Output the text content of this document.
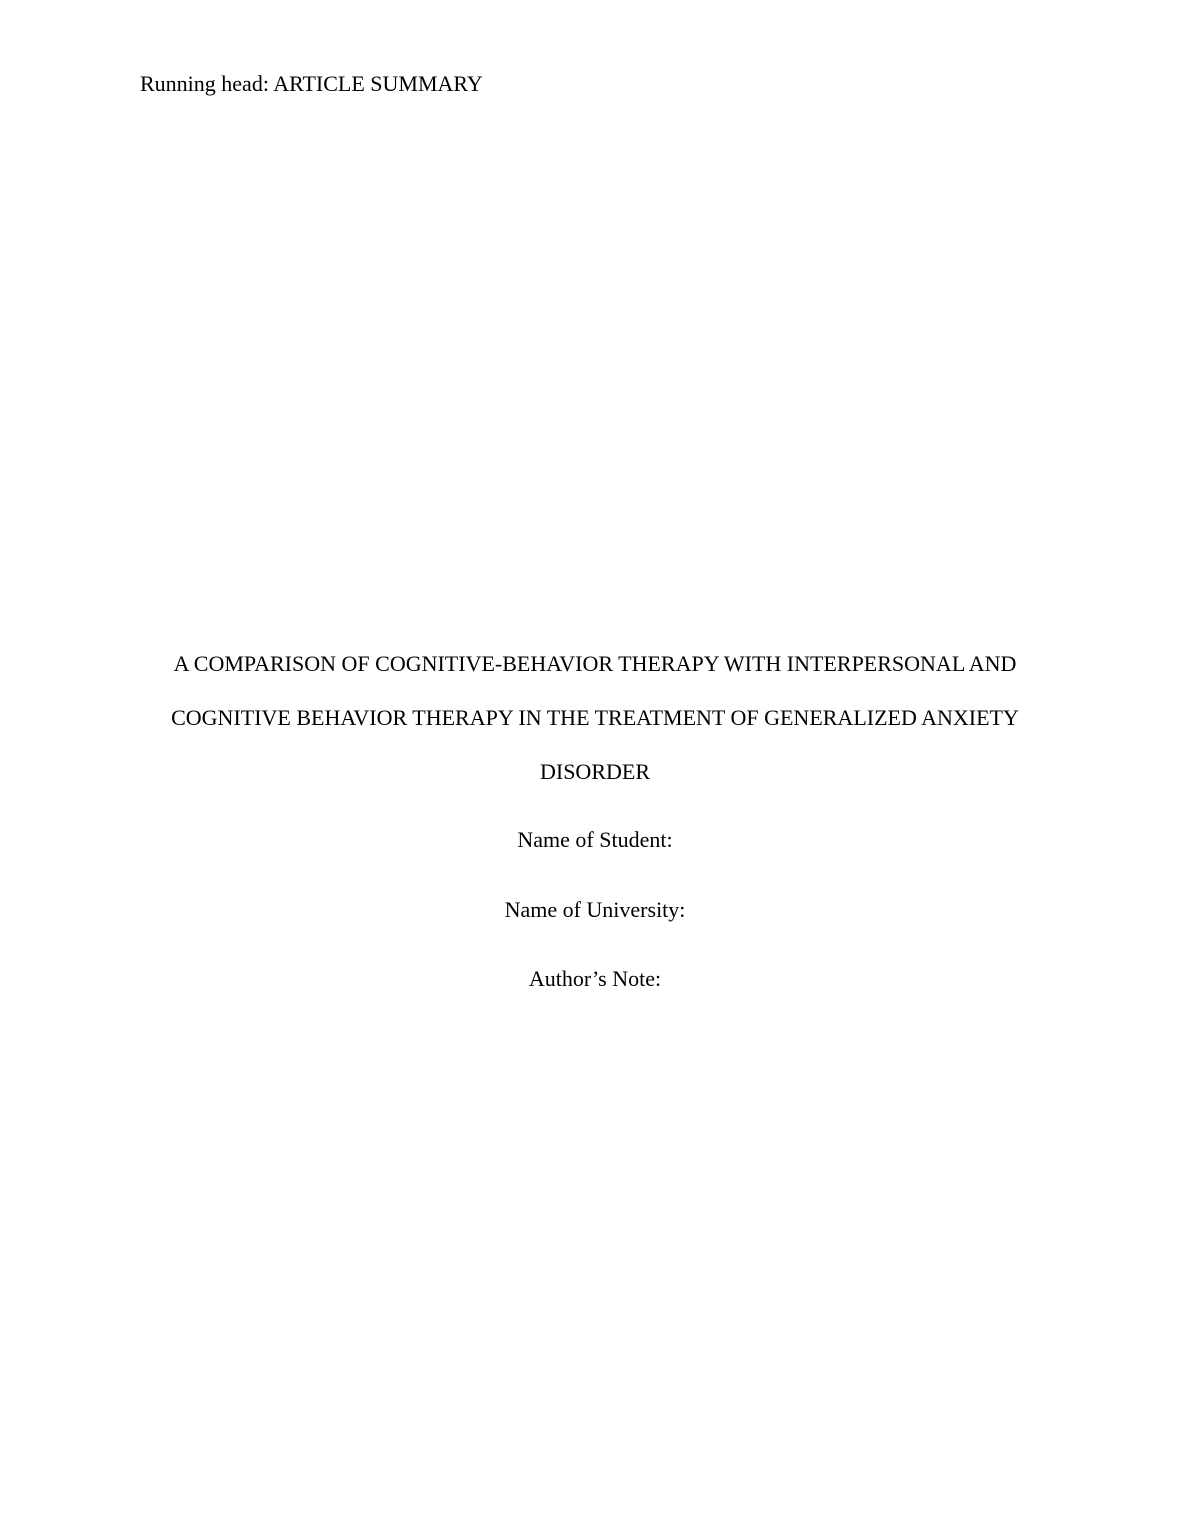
Running head: ARTICLE SUMMARY
A COMPARISON OF COGNITIVE-BEHAVIOR THERAPY WITH INTERPERSONAL AND
COGNITIVE BEHAVIOR THERAPY IN THE TREATMENT OF GENERALIZED ANXIETY
DISORDER
Name of Student:
Name of University:
Author’s Note:
